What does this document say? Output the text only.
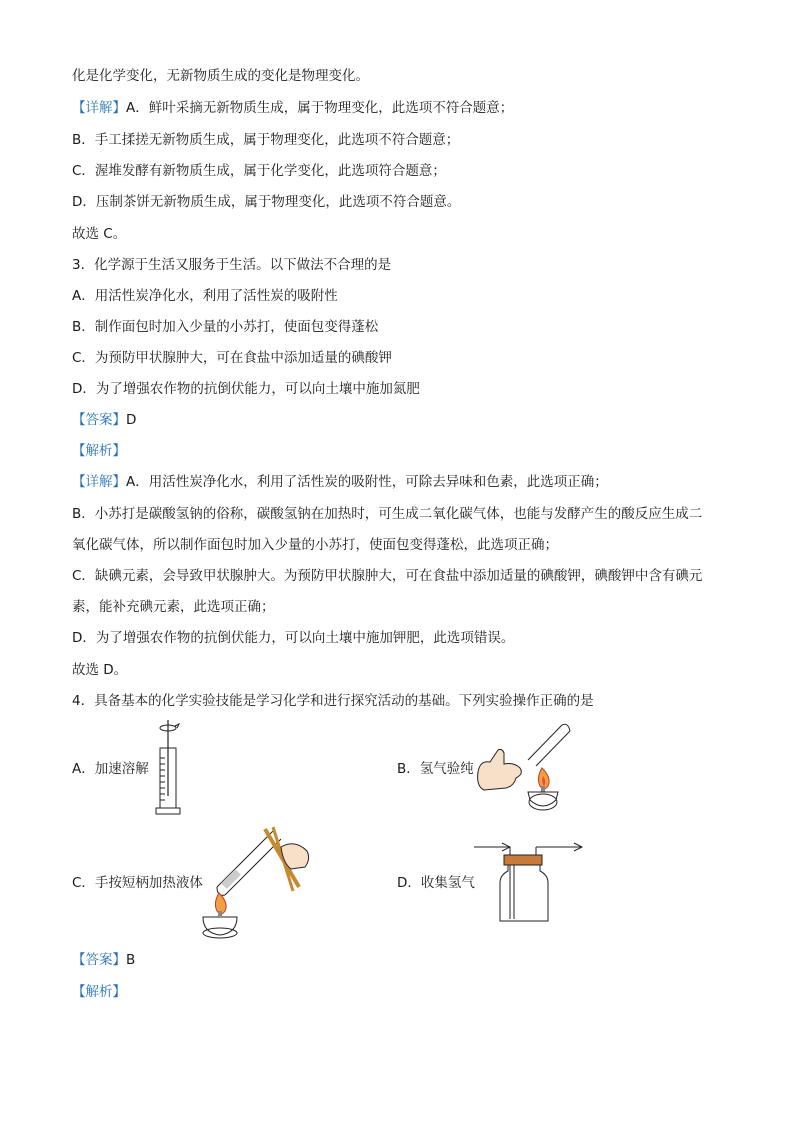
化是化学变化，无新物质生成的变化是物理变化。
【详解】A．鲜叶采摘无新物质生成，属于物理变化，此选项不符合题意；
B．手工揉搓无新物质生成，属于物理变化，此选项不符合题意；
C．渥堆发酵有新物质生成，属于化学变化，此选项符合题意；
D．压制茶饼无新物质生成，属于物理变化，此选项不符合题意。
故选 C。
3．化学源于生活又服务于生活。以下做法不合理的是
A．用活性炭净化水，利用了活性炭的吸附性
B．制作面包时加入少量的小苏打，使面包变得蓬松
C．为预防甲状腺肿大，可在食盐中添加适量的碘酸钾
D．为了增强农作物的抗倒伏能力，可以向土壤中施加氮肥
【答案】D
【解析】
【详解】A．用活性炭净化水，利用了活性炭的吸附性，可除去异味和色素，此选项正确；
B．小苏打是碳酸氢钠的俗称，碳酸氢钠在加热时，可生成二氧化碳气体，也能与发酵产生的酸反应生成二
氧化碳气体，所以制作面包时加入少量的小苏打，使面包变得蓬松，此选项正确；
C．缺碘元素，会导致甲状腺肿大。为预防甲状腺肿大，可在食盐中添加适量的碘酸钾，碘酸钾中含有碘元
素，能补充碘元素，此选项正确；
D．为了增强农作物的抗倒伏能力，可以向土壤中施加钾肥，此选项错误。
故选 D。
4．具备基本的化学实验技能是学习化学和进行探究活动的基础。下列实验操作正确的是
A．加速溶解	B．氢气验纯
C．手按短柄加热液体	D．收集氢气
【答案】B
【解析】
